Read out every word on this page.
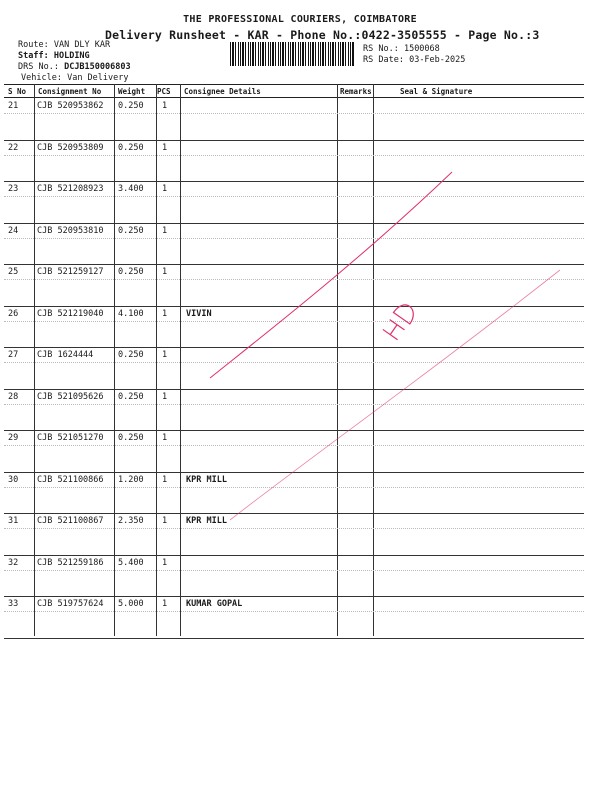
THE PROFESSIONAL COURIERS, COIMBATORE
Delivery Runsheet - KAR - Phone No.:0422-3505555 - Page No.:3
Route: VAN DLY KAR
Staff: HOLDING
DRS No.: DCJB150006803
Vehicle: Van Delivery
RS No.: 1500068
RS Date: 03-Feb-2025
S No Consignment No Weight PCS Consignee Details	Remarks	Seal & Signature
21 CJB 520953862 0.250 1
22 CJB 520953809 0.250 1
23 CJB 521208923 3.400 1
24 CJB 520953810 0.250 1
25 CJB 521259127 0.250 1
26 CJB 521219040 4.100 1 VIVIN
27 CJB 1624444	0.250 1
28 CJB 521095626 0.250 1
29 CJB 521051270 0.250 1
30 CJB 521100866 1.200 1 KPR MILL
31 CJB 521100867 2.350 1 KPR MILL
32 CJB 521259186 5.400 1
33 CJB 519757624 5.000 1 KUMAR GOPAL
HD
